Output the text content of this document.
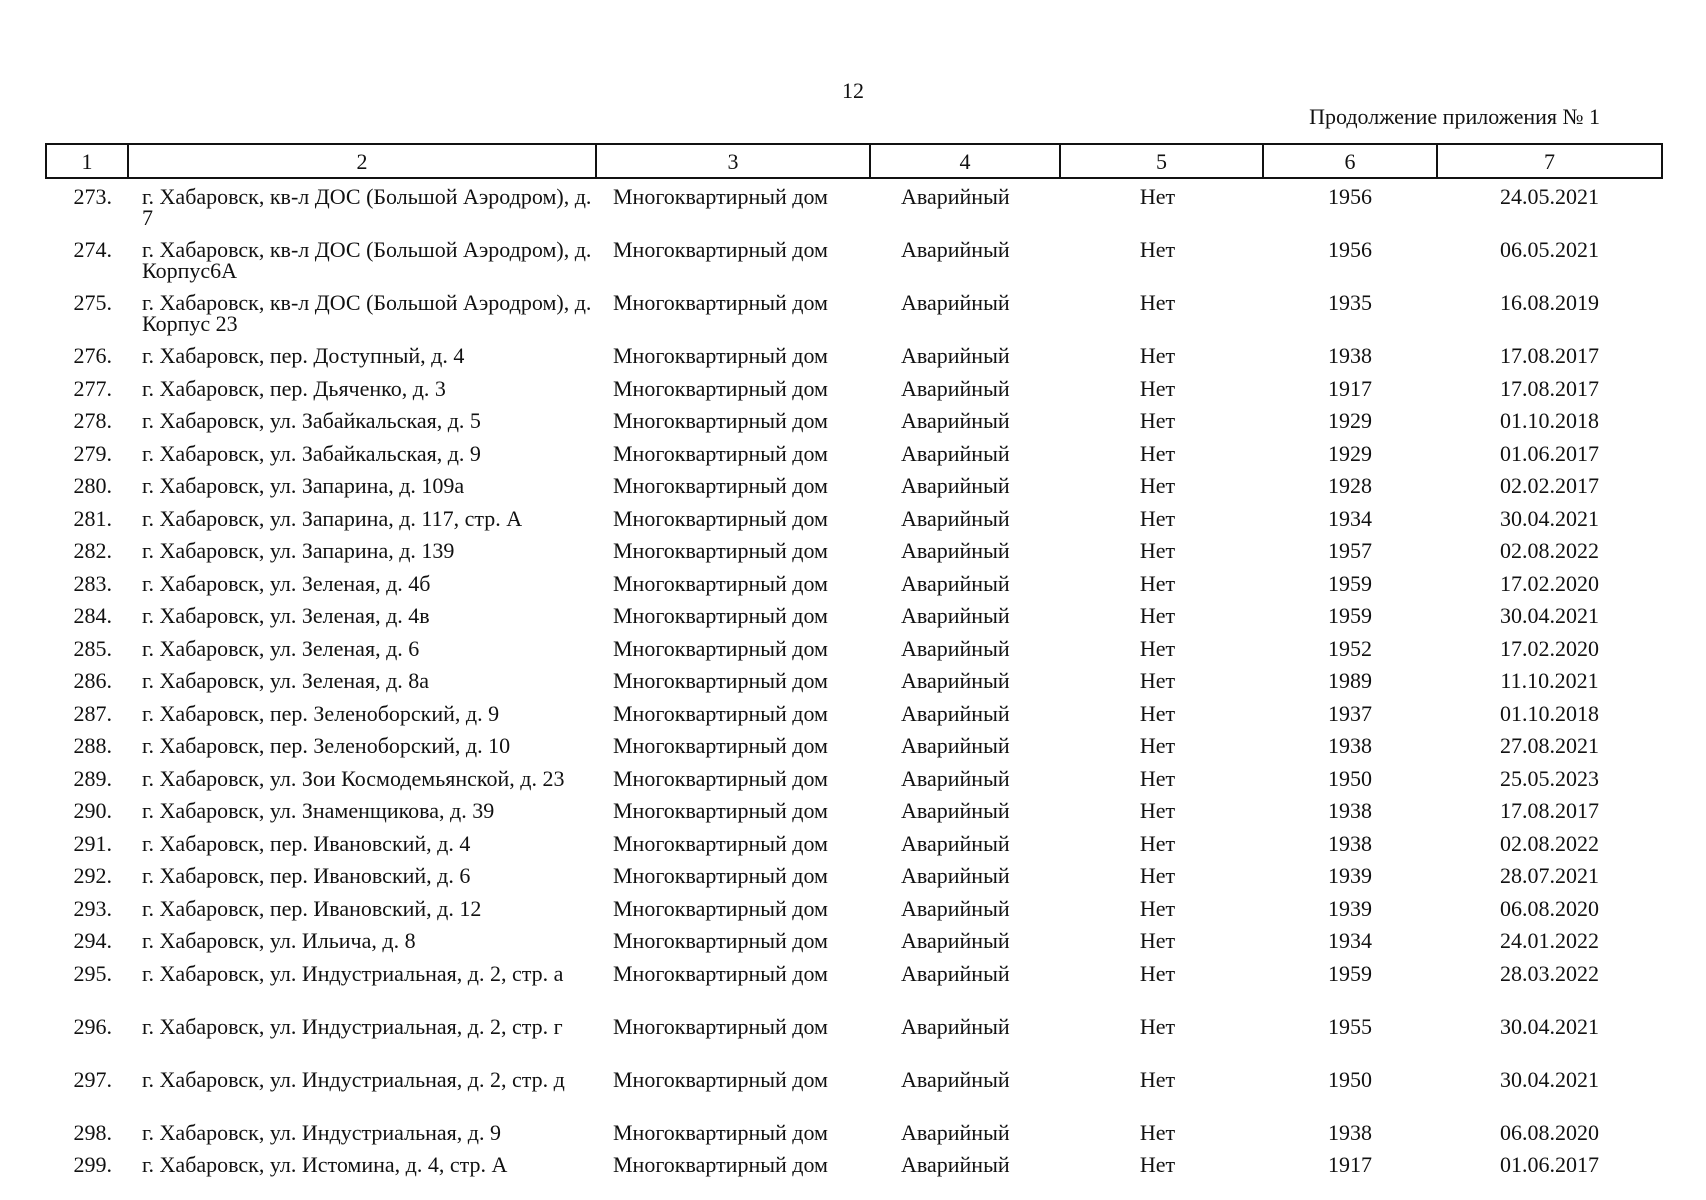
12
Продолжение приложения № 1
1	2	3	4	5	6	7
273.	г. Хабаровск, кв-л ДОС (Большой Аэродром), д. 7	Многоквартирный дом	Аварийный	Нет	1956	24.05.2021
274.	г. Хабаровск, кв-л ДОС (Большой Аэродром), д. Корпус6А	Многоквартирный дом	Аварийный	Нет	1956	06.05.2021
275.	г. Хабаровск, кв-л ДОС (Большой Аэродром), д. Корпус 23	Многоквартирный дом	Аварийный	Нет	1935	16.08.2019
276.	г. Хабаровск, пер. Доступный, д. 4	Многоквартирный дом	Аварийный	Нет	1938	17.08.2017
277.	г. Хабаровск, пер. Дьяченко, д. 3	Многоквартирный дом	Аварийный	Нет	1917	17.08.2017
278.	г. Хабаровск, ул. Забайкальская, д. 5	Многоквартирный дом	Аварийный	Нет	1929	01.10.2018
279.	г. Хабаровск, ул. Забайкальская, д. 9	Многоквартирный дом	Аварийный	Нет	1929	01.06.2017
280.	г. Хабаровск, ул. Запарина, д. 109а	Многоквартирный дом	Аварийный	Нет	1928	02.02.2017
281.	г. Хабаровск, ул. Запарина, д. 117, стр. А	Многоквартирный дом	Аварийный	Нет	1934	30.04.2021
282.	г. Хабаровск, ул. Запарина, д. 139	Многоквартирный дом	Аварийный	Нет	1957	02.08.2022
283.	г. Хабаровск, ул. Зеленая, д. 4б	Многоквартирный дом	Аварийный	Нет	1959	17.02.2020
284.	г. Хабаровск, ул. Зеленая, д. 4в	Многоквартирный дом	Аварийный	Нет	1959	30.04.2021
285.	г. Хабаровск, ул. Зеленая, д. 6	Многоквартирный дом	Аварийный	Нет	1952	17.02.2020
286.	г. Хабаровск, ул. Зеленая, д. 8а	Многоквартирный дом	Аварийный	Нет	1989	11.10.2021
287.	г. Хабаровск, пер. Зеленоборский, д. 9	Многоквартирный дом	Аварийный	Нет	1937	01.10.2018
288.	г. Хабаровск, пер. Зеленоборский, д. 10	Многоквартирный дом	Аварийный	Нет	1938	27.08.2021
289.	г. Хабаровск, ул. Зои Космодемьянской, д. 23	Многоквартирный дом	Аварийный	Нет	1950	25.05.2023
290.	г. Хабаровск, ул. Знаменщикова, д. 39	Многоквартирный дом	Аварийный	Нет	1938	17.08.2017
291.	г. Хабаровск, пер. Ивановский, д. 4	Многоквартирный дом	Аварийный	Нет	1938	02.08.2022
292.	г. Хабаровск, пер. Ивановский, д. 6	Многоквартирный дом	Аварийный	Нет	1939	28.07.2021
293.	г. Хабаровск, пер. Ивановский, д. 12	Многоквартирный дом	Аварийный	Нет	1939	06.08.2020
294.	г. Хабаровск, ул. Ильича, д. 8	Многоквартирный дом	Аварийный	Нет	1934	24.01.2022
295.	г. Хабаровск, ул. Индустриальная, д. 2, стр. а	Многоквартирный дом	Аварийный	Нет	1959	28.03.2022
296.	г. Хабаровск, ул. Индустриальная, д. 2, стр. г	Многоквартирный дом	Аварийный	Нет	1955	30.04.2021
297.	г. Хабаровск, ул. Индустриальная, д. 2, стр. д	Многоквартирный дом	Аварийный	Нет	1950	30.04.2021
298.	г. Хабаровск, ул. Индустриальная, д. 9	Многоквартирный дом	Аварийный	Нет	1938	06.08.2020
299.	г. Хабаровск, ул. Истомина, д. 4, стр. А	Многоквартирный дом	Аварийный	Нет	1917	01.06.2017
